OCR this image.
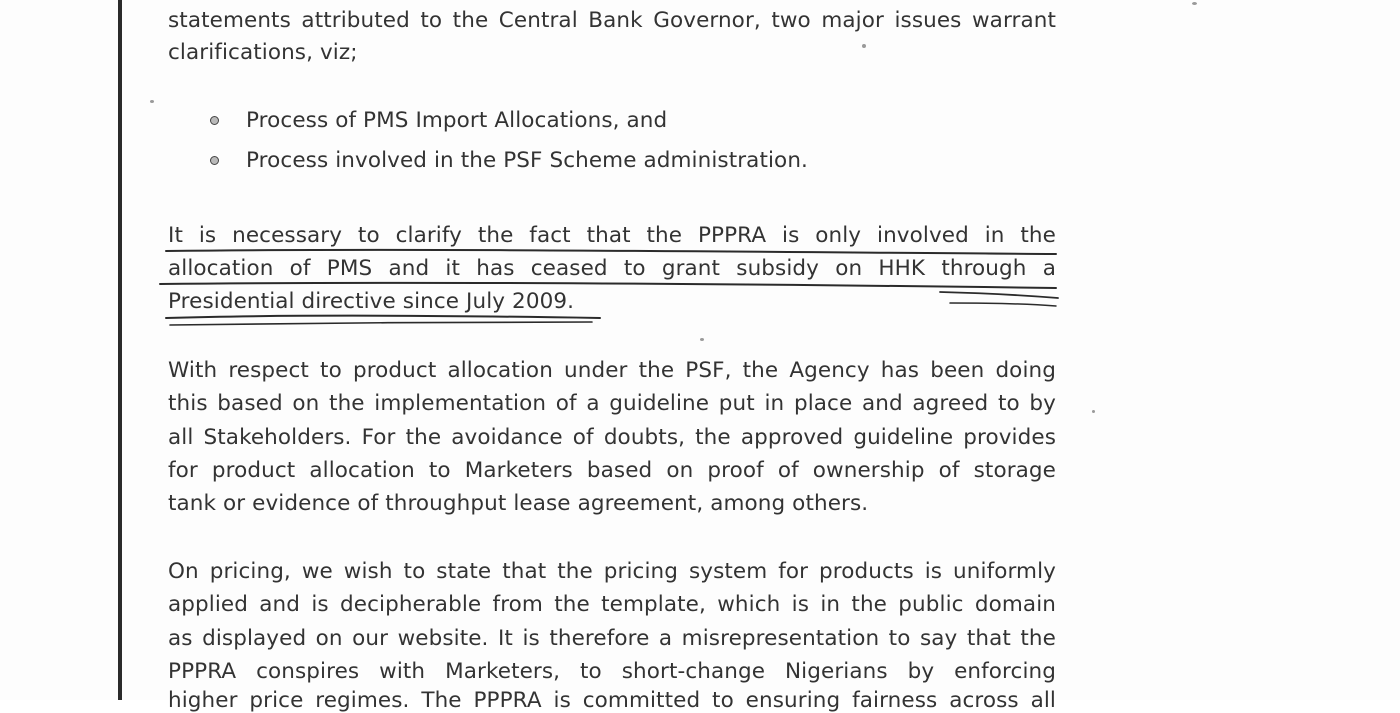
statements attributed to the Central Bank Governor, two major issues warrant
clarifications, viz;
Process of PMS Import Allocations, and
Process involved in the PSF Scheme administration.
It is necessary to clarify the fact that the PPPRA is only involved in the
allocation of PMS and it has ceased to grant subsidy on HHK through a
Presidential directive since July 2009.
With respect to product allocation under the PSF, the Agency has been doing
this based on the implementation of a guideline put in place and agreed to by
all Stakeholders. For the avoidance of doubts, the approved guideline provides
for product allocation to Marketers based on proof of ownership of storage
tank or evidence of throughput lease agreement, among others.
On pricing, we wish to state that the pricing system for products is uniformly
applied and is decipherable from the template, which is in the public domain
as displayed on our website. It is therefore a misrepresentation to say that the
PPPRA conspires with Marketers, to short-change Nigerians by enforcing
higher price regimes. The PPPRA is committed to ensuring fairness across all
